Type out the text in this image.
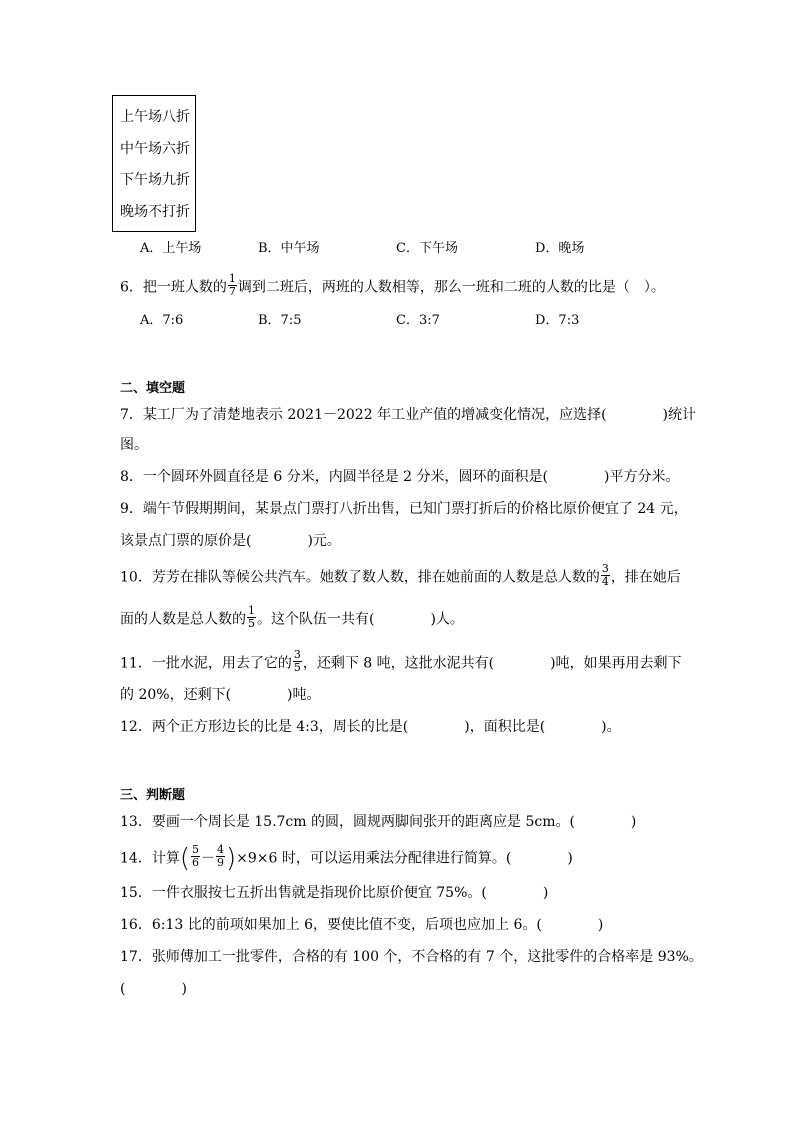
上午场八折
中午场六折
下午场九折
晚场不打折
A．上午场	B．中午场	C．下午场	D．晚场
6．把一班人数的 $\frac{1}{7}$ 调到二班后，两班的人数相等，那么一班和二班的人数的比是（　）。
A．7:6	B．7:5	C．3:7	D．7:3
二、填空题
7．某工厂为了清楚地表示 2021－2022 年工业产值的增减变化情况，应选择(　　　　)统计
图。
8．一个圆环外圆直径是 6 分米，内圆半径是 2 分米，圆环的面积是(　　　　)平方分米。
9．端午节假期期间，某景点门票打八折出售，已知门票打折后的价格比原价便宜了 24 元，
该景点门票的原价是(　　　　)元。
10．芳芳在排队等候公共汽车。她数了数人数，排在她前面的人数是总人数的 $\frac{3}{4}$ ，排在她后
面的人数是总人数的 $\frac{1}{5}$ 。这个队伍一共有(　　　　)人。
11．一批水泥，用去了它的 $\frac{3}{5}$ ，还剩下 8 吨，这批水泥共有(　　　　)吨，如果再用去剩下
的 20%，还剩下(　　　　)吨。
12．两个正方形边长的比是 4:3，周长的比是(　　　　)，面积比是(　　　　)。
三、判断题
13．要画一个周长是 15.7cm 的圆，圆规两脚间张开的距离应是 5cm。(　　　　)
14．计算( $\frac{5}{6} - \frac{4}{9} )\times 9\times 6$ 时，可以运用乘法分配律进行简算。(　　　　)
15．一件衣服按七五折出售就是指现价比原价便宜 75%。(　　　　)
16．6:13 比的前项如果加上 6，要使比值不变，后项也应加上 6。(　　　　)
17．张师傅加工一批零件，合格的有 100 个，不合格的有 7 个，这批零件的合格率是 93%。
(　　　　)
